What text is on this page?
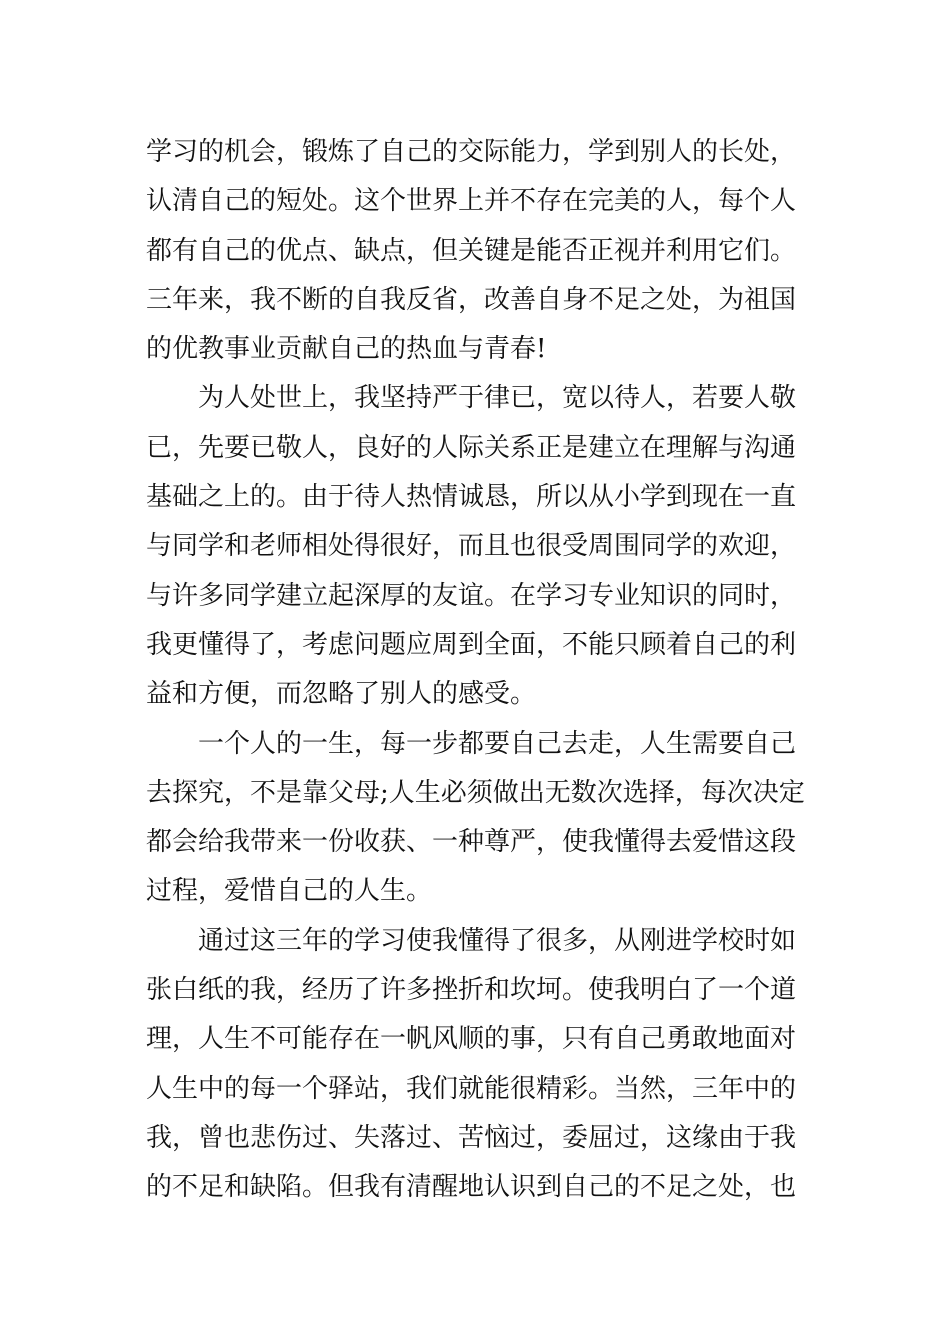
学习的机会，锻炼了自己的交际能力，学到别人的长处，
认清自己的短处。这个世界上并不存在完美的人，每个人
都有自己的优点、缺点，但关键是能否正视并利用它们。
三年来，我不断的自我反省，改善自身不足之处，为祖国
的优教事业贡献自己的热血与青春!
为人处世上，我坚持严于律已，宽以待人，若要人敬
已，先要已敬人，良好的人际关系正是建立在理解与沟通
基础之上的。由于待人热情诚恳，所以从小学到现在一直
与同学和老师相处得很好，而且也很受周围同学的欢迎，
与许多同学建立起深厚的友谊。在学习专业知识的同时，
我更懂得了，考虑问题应周到全面，不能只顾着自己的利
益和方便，而忽略了别人的感受。
一个人的一生，每一步都要自己去走，人生需要自己
去探究，不是靠父母;人生必须做出无数次选择，每次决定
都会给我带来一份收获、一种尊严，使我懂得去爱惜这段
过程，爱惜自己的人生。
通过这三年的学习使我懂得了很多，从刚进学校时如
张白纸的我，经历了许多挫折和坎坷。使我明白了一个道
理，人生不可能存在一帆风顺的事，只有自己勇敢地面对
人生中的每一个驿站，我们就能很精彩。当然，三年中的
我，曾也悲伤过、失落过、苦恼过，委屈过，这缘由于我
的不足和缺陷。但我有清醒地认识到自己的不足之处，也
